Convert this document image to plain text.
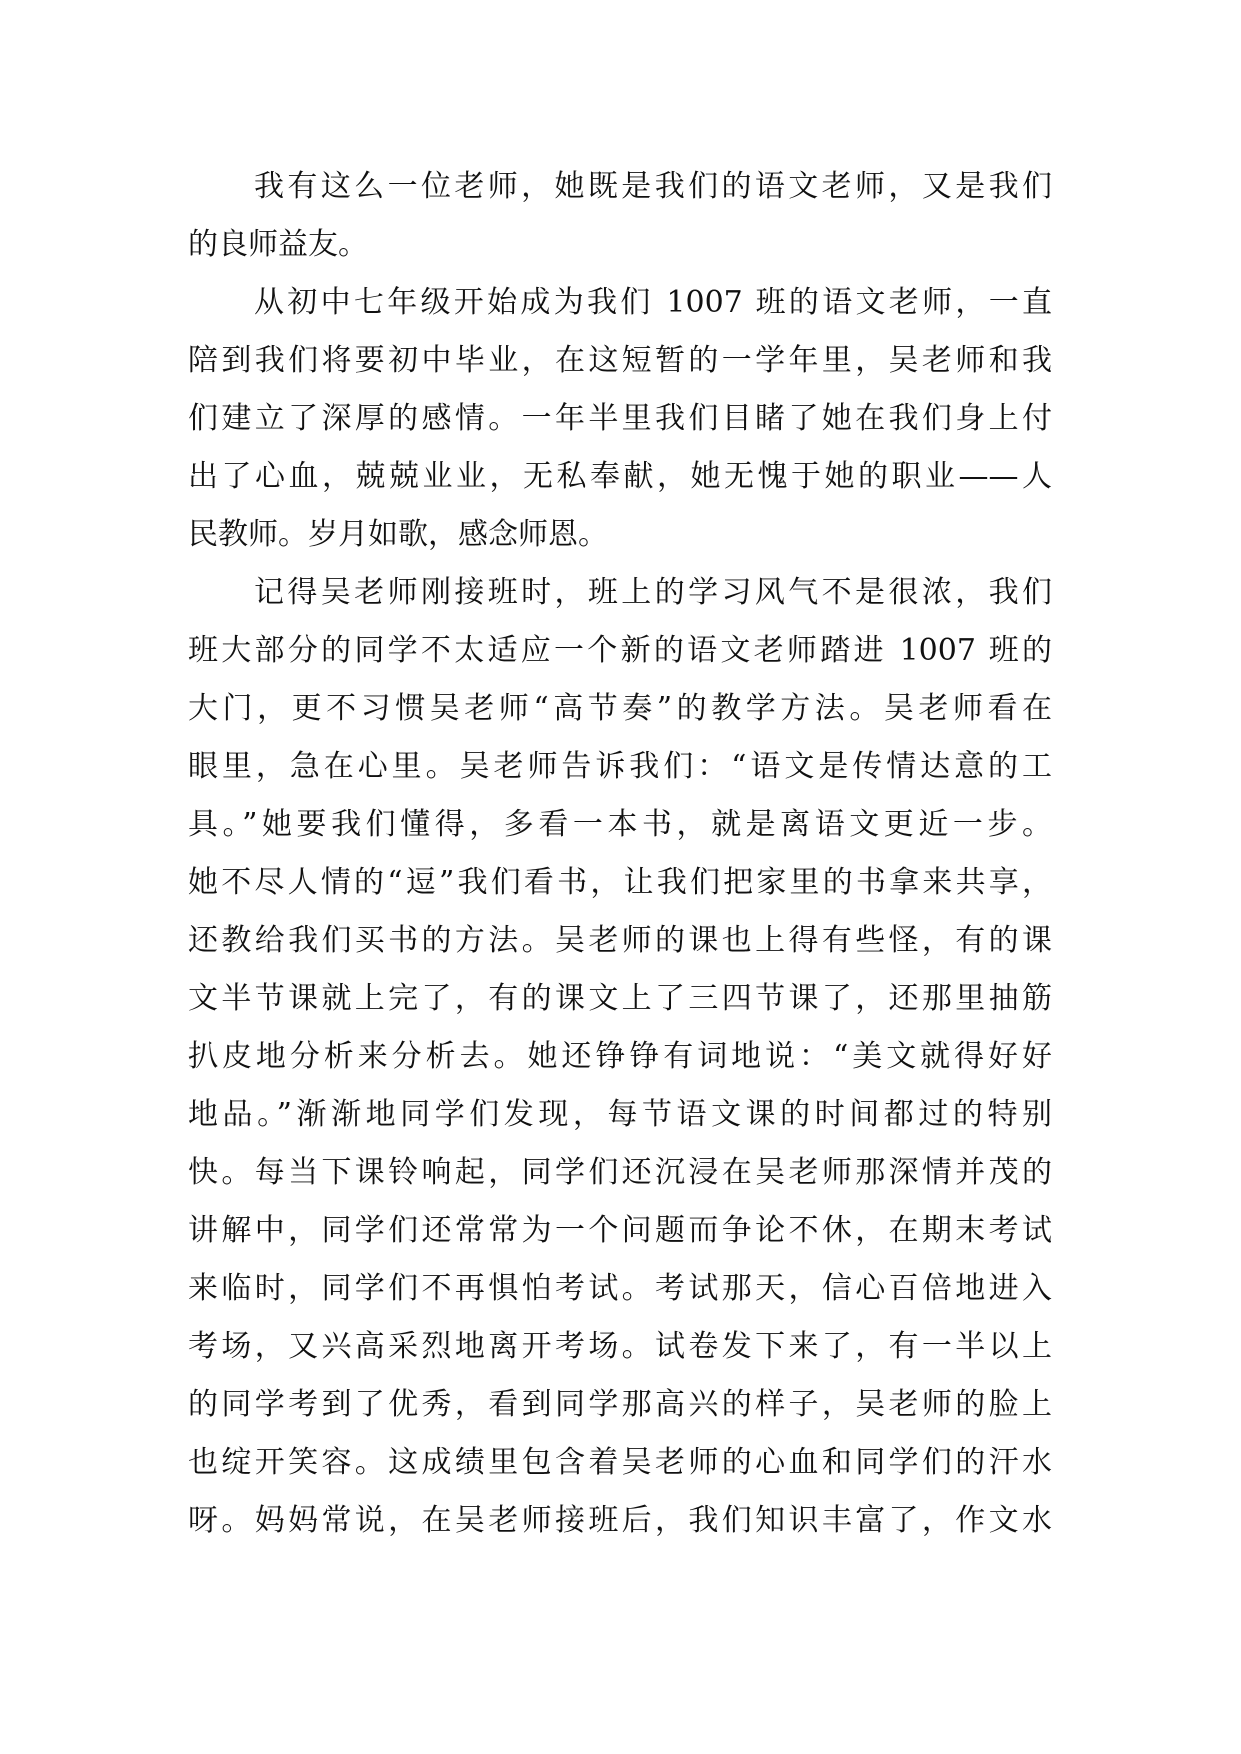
我有这么一位老师，她既是我们的语文老师，又是我们
的良师益友。
从初中七年级开始成为我们 1007 班的语文老师，一直
陪到我们将要初中毕业，在这短暂的一学年里，吴老师和我
们建立了深厚的感情。一年半里我们目睹了她在我们身上付
出了心血，兢兢业业，无私奉献，她无愧于她的职业——人
民教师。岁月如歌，感念师恩。
记得吴老师刚接班时，班上的学习风气不是很浓，我们
班大部分的同学不太适应一个新的语文老师踏进 1007 班的
大门，更不习惯吴老师“高节奏”的教学方法。吴老师看在
眼里，急在心里。吴老师告诉我们：“语文是传情达意的工
具。”她要我们懂得，多看一本书，就是离语文更近一步。
她不尽人情的“逗”我们看书，让我们把家里的书拿来共享，
还教给我们买书的方法。吴老师的课也上得有些怪，有的课
文半节课就上完了，有的课文上了三四节课了，还那里抽筋
扒皮地分析来分析去。她还铮铮有词地说：“美文就得好好
地品。”渐渐地同学们发现，每节语文课的时间都过的特别
快。每当下课铃响起，同学们还沉浸在吴老师那深情并茂的
讲解中，同学们还常常为一个问题而争论不休，在期末考试
来临时，同学们不再惧怕考试。考试那天，信心百倍地进入
考场，又兴高采烈地离开考场。试卷发下来了，有一半以上
的同学考到了优秀，看到同学那高兴的样子，吴老师的脸上
也绽开笑容。这成绩里包含着吴老师的心血和同学们的汗水
呀。妈妈常说，在吴老师接班后，我们知识丰富了，作文水
